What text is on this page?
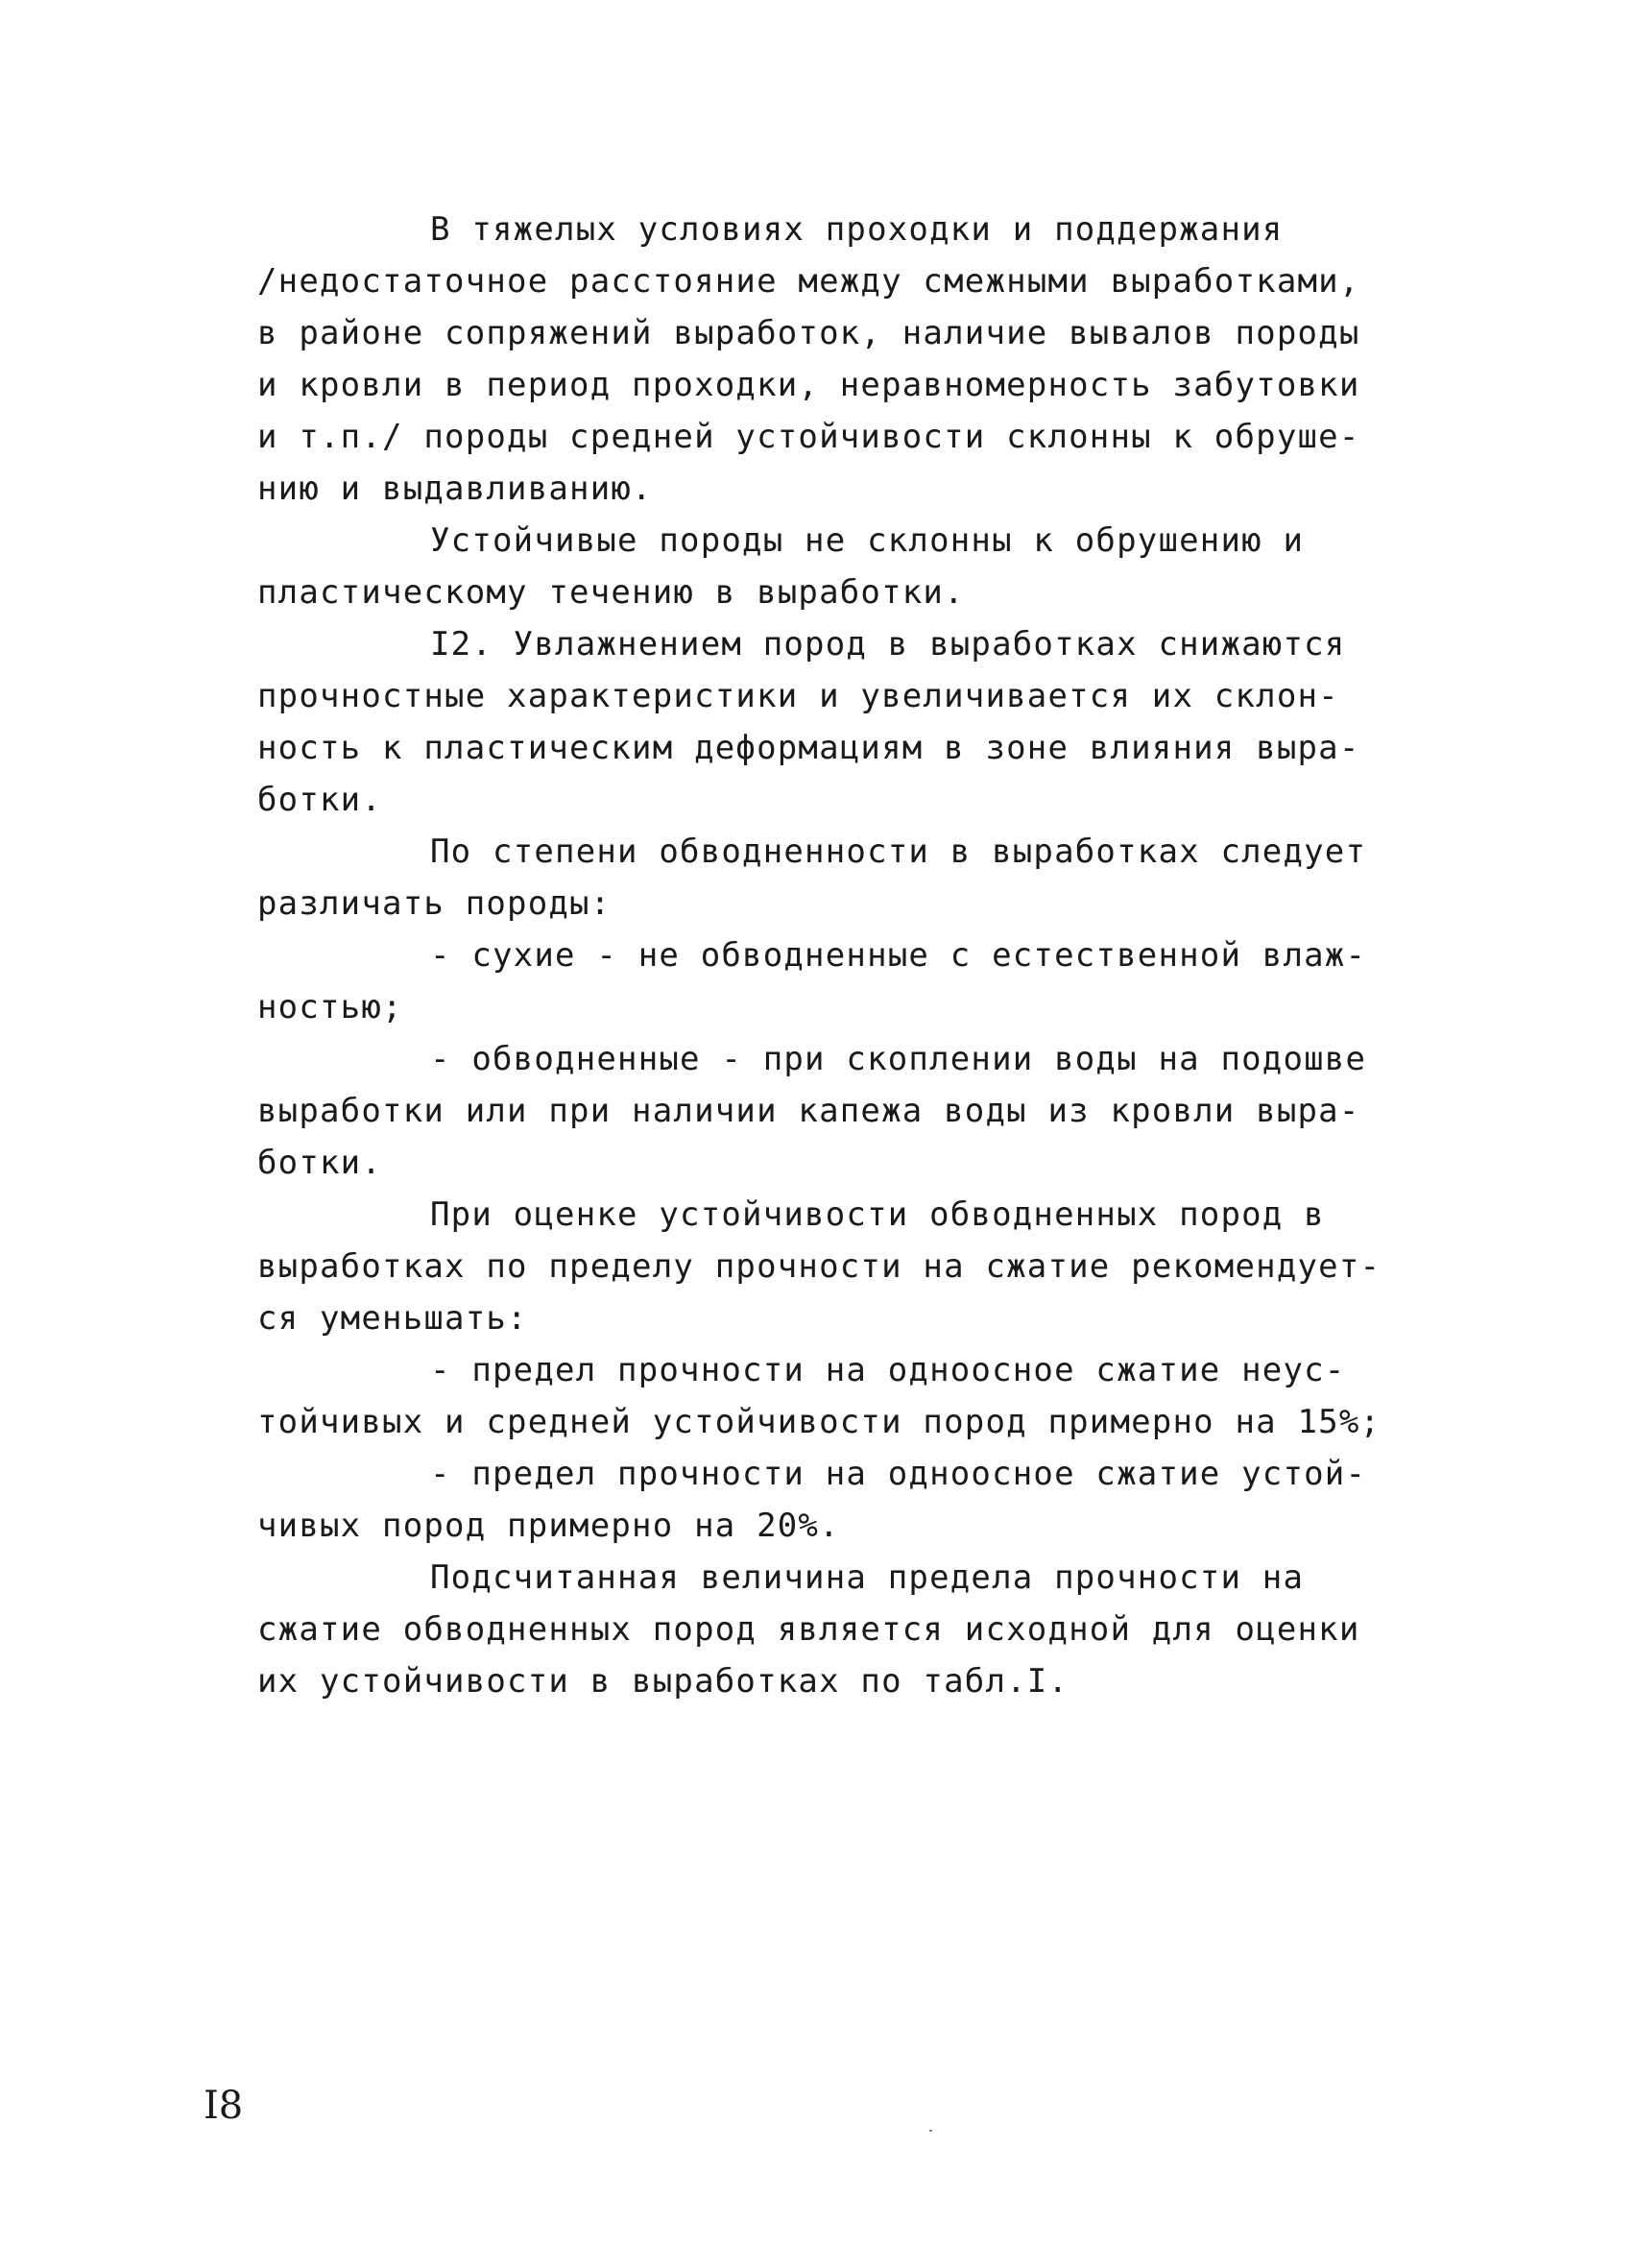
В тяжелых условиях проходки и поддержания
/недостаточное расстояние между смежными выработками,
в районе сопряжений выработок, наличие вывалов породы
и кровли в период проходки, неравномерность забутовки
и т.п./ породы средней устойчивости склонны к обруше-
нию и выдавливанию.
Устойчивые породы не склонны к обрушению и
пластическому течению в выработки.
I2. Увлажнением пород в выработках снижаются
прочностные характеристики и увеличивается их склон-
ность к пластическим деформациям в зоне влияния выра-
ботки.
По степени обводненности в выработках следует
различать породы:
- сухие - не обводненные с естественной влаж-
ностью;
- обводненные - при скоплении воды на подошве
выработки или при наличии капежа воды из кровли выра-
ботки.
При оценке устойчивости обводненных пород в
выработках по пределу прочности на сжатие рекомендует-
ся уменьшать:
- предел прочности на одноосное сжатие неус-
тойчивых и средней устойчивости пород примерно на 15%;
- предел прочности на одноосное сжатие устой-
чивых пород примерно на 20%.
Подсчитанная величина предела прочности на
сжатие обводненных пород является исходной для оценки
их устойчивости в выработках по табл.I.
I8
